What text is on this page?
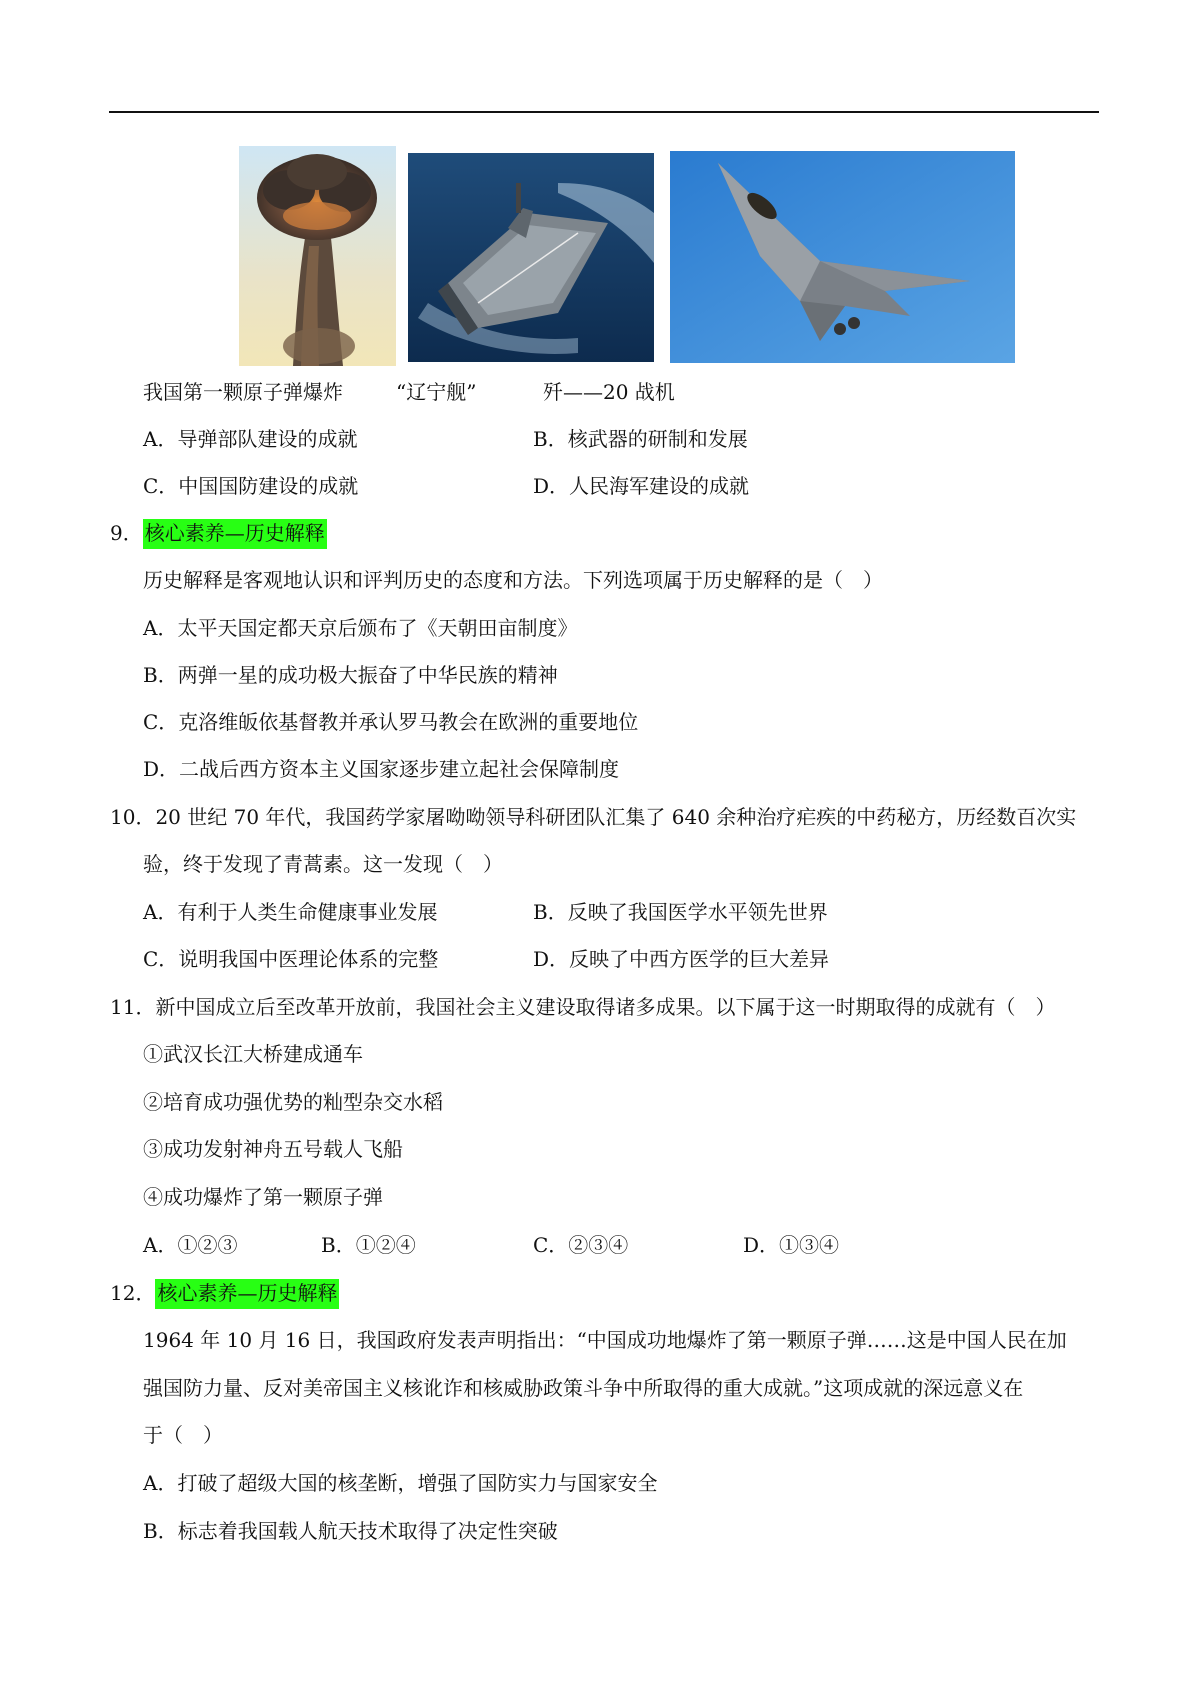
我国第一颗原子弹爆炸	“辽宁舰”	歼——20 战机
A．导弹部队建设的成就	B．核武器的研制和发展
C．中国国防建设的成就	D．人民海军建设的成就
9． 核心素养—历史解释
历史解释是客观地认识和评判历史的态度和方法。下列选项属于历史解释的是（　）
A．太平天国定都天京后颁布了《天朝田亩制度》
B．两弹一星的成功极大振奋了中华民族的精神
C．克洛维皈依基督教并承认罗马教会在欧洲的重要地位
D．二战后西方资本主义国家逐步建立起社会保障制度
10．20 世纪 70 年代，我国药学家屠呦呦领导科研团队汇集了 640 余种治疗疟疾的中药秘方，历经数百次实
验，终于发现了青蒿素。这一发现（　）
A．有利于人类生命健康事业发展	B．反映了我国医学水平领先世界
C．说明我国中医理论体系的完整	D．反映了中西方医学的巨大差异
11．新中国成立后至改革开放前，我国社会主义建设取得诸多成果。以下属于这一时期取得的成就有（　）
①武汉长江大桥建成通车
②培育成功强优势的籼型杂交水稻
③成功发射神舟五号载人飞船
④成功爆炸了第一颗原子弹
A．①②③	B．①②④	C．②③④	D．①③④
12． 核心素养—历史解释
1964 年 10 月 16 日，我国政府发表声明指出：“中国成功地爆炸了第一颗原子弹……这是中国人民在加
强国防力量、反对美帝国主义核讹诈和核威胁政策斗争中所取得的重大成就。”这项成就的深远意义在
于（　）
A．打破了超级大国的核垄断，增强了国防实力与国家安全
B．标志着我国载人航天技术取得了决定性突破
